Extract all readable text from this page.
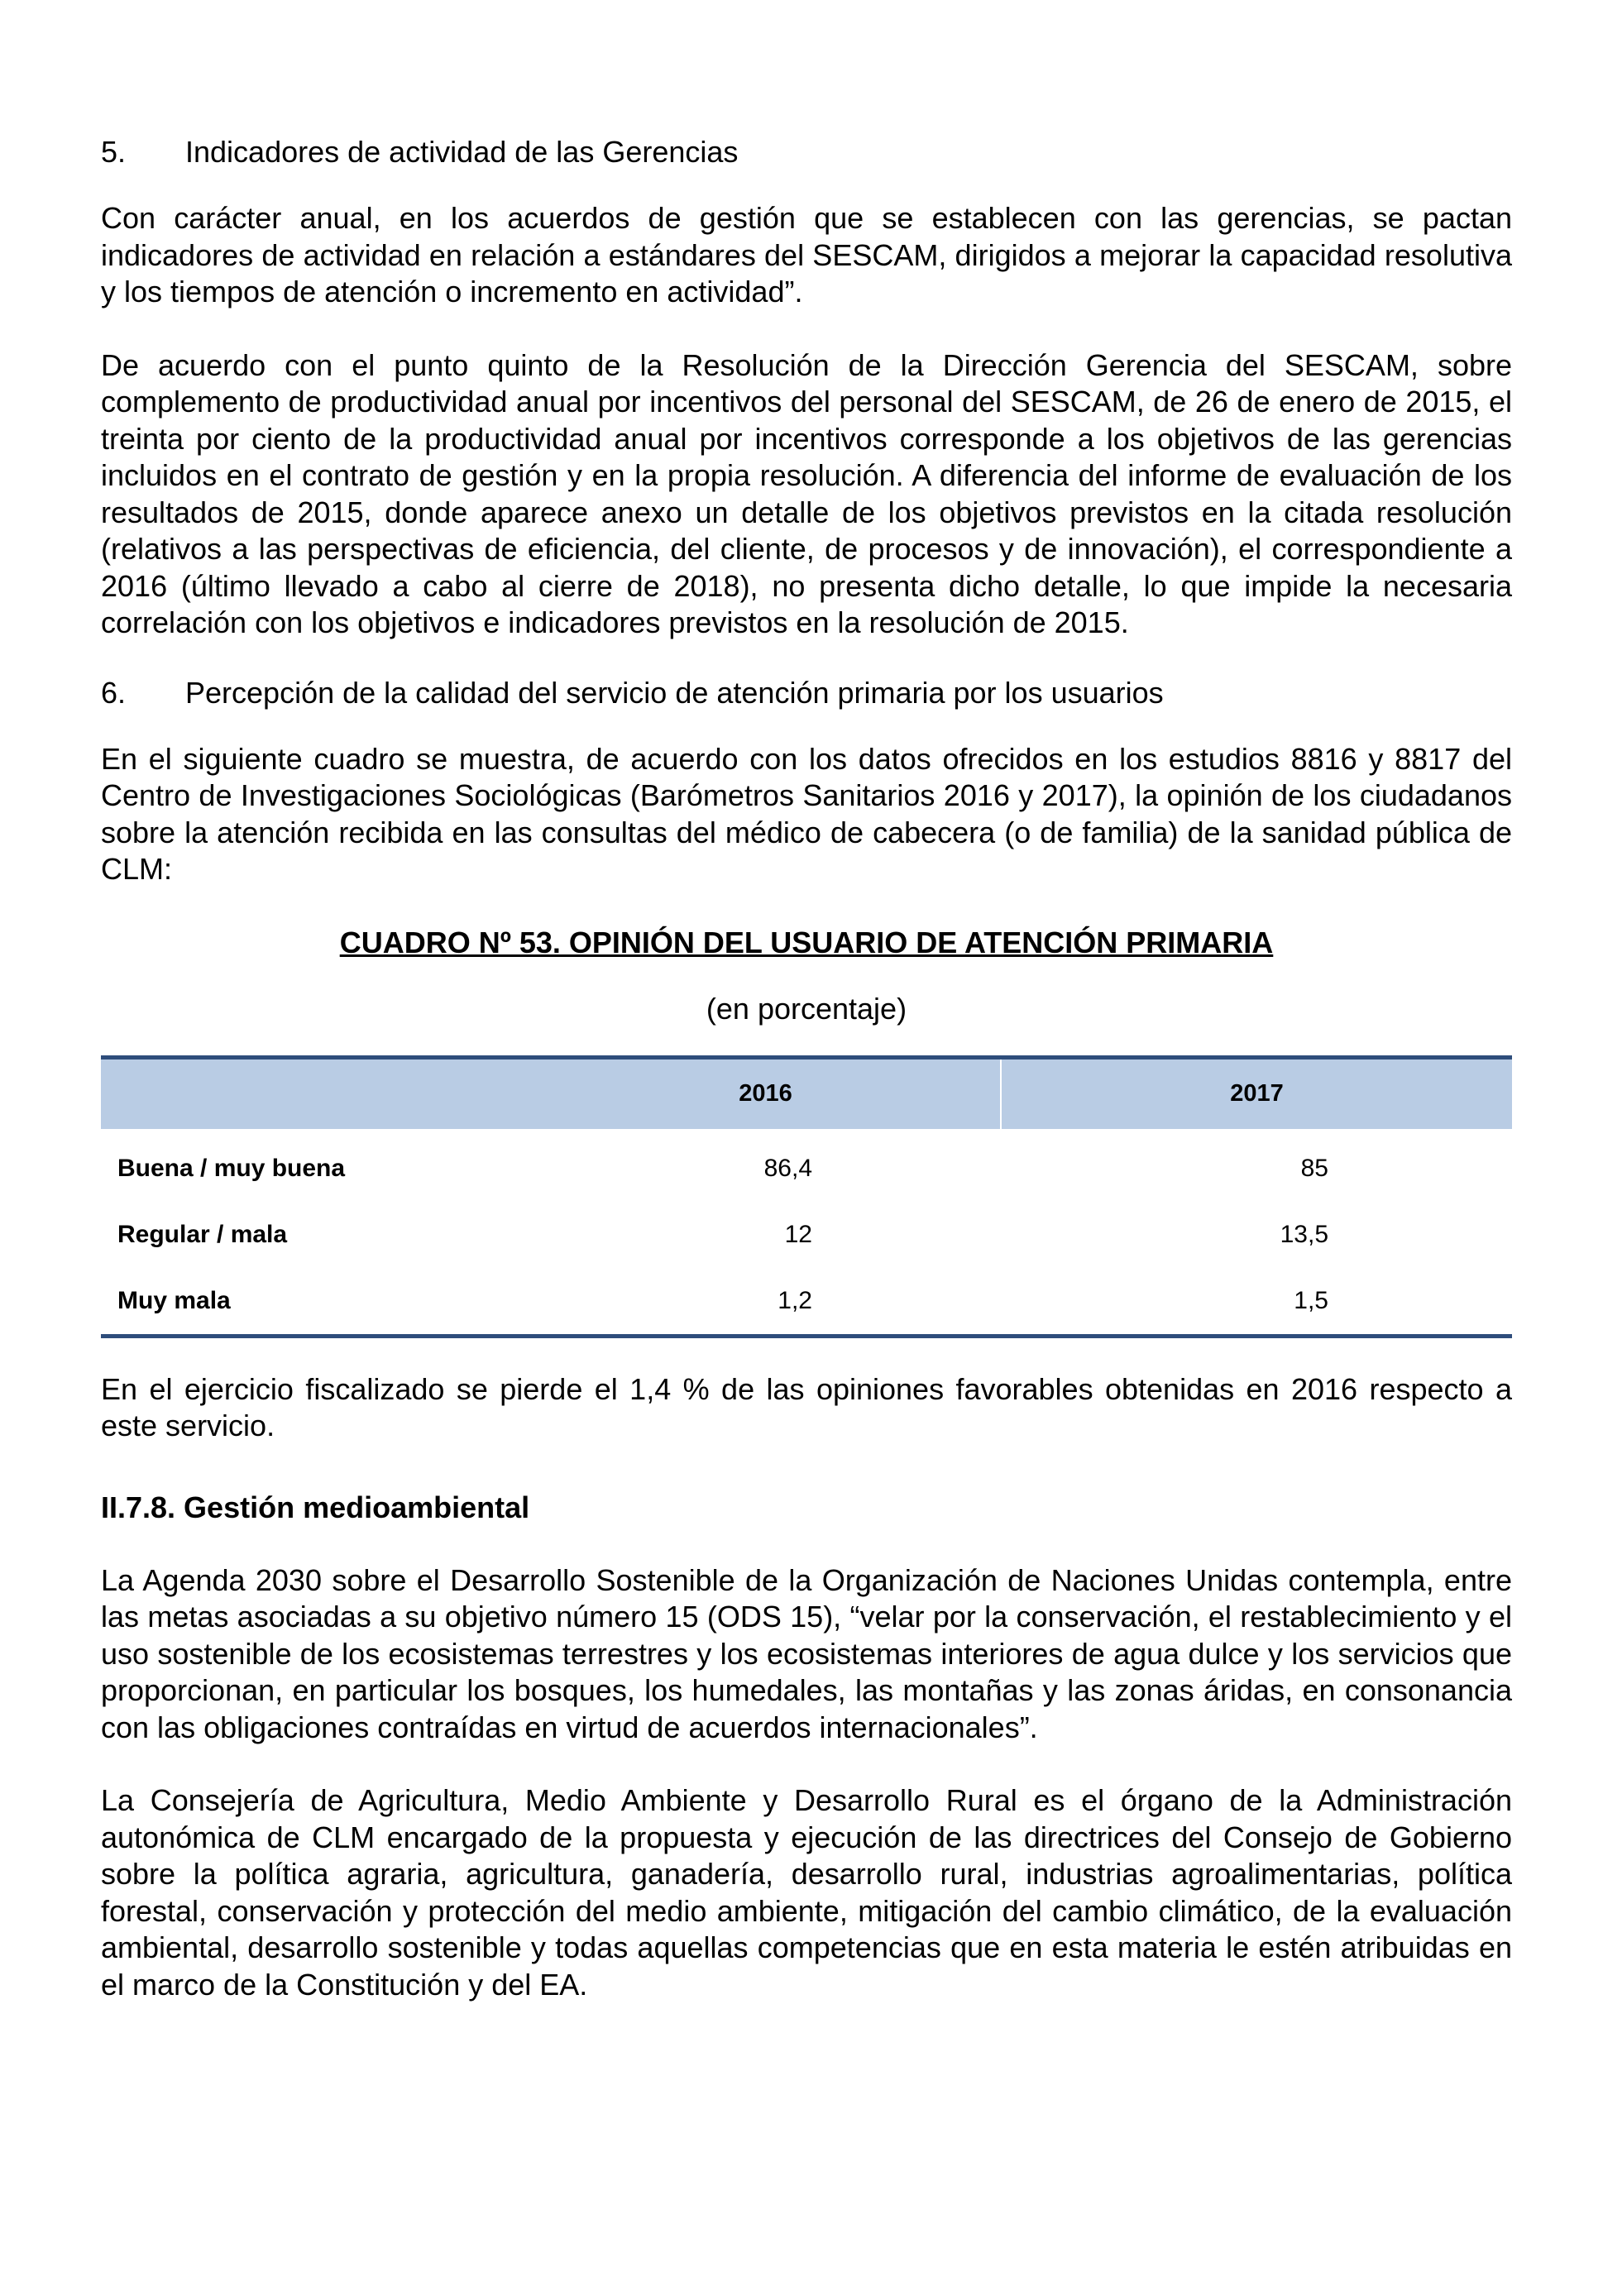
5.	Indicadores de actividad de las Gerencias

Con carácter anual, en los acuerdos de gestión que se establecen con las gerencias, se pactan indicadores de actividad en relación a estándares del SESCAM, dirigidos a mejorar la capacidad resolutiva y los tiempos de atención o incremento en actividad”.

De acuerdo con el punto quinto de la Resolución de la Dirección Gerencia del SESCAM, sobre complemento de productividad anual por incentivos del personal del SESCAM, de 26 de enero de 2015, el treinta por ciento de la productividad anual por incentivos corresponde a los objetivos de las gerencias incluidos en el contrato de gestión y en la propia resolución. A diferencia del informe de evaluación de los resultados de 2015, donde aparece anexo un detalle de los objetivos previstos en la citada resolución (relativos a las perspectivas de eficiencia, del cliente, de procesos y de innovación), el correspondiente a 2016 (último llevado a cabo al cierre de 2018), no presenta dicho detalle, lo que impide la necesaria correlación con los objetivos e indicadores previstos en la resolución de 2015.

6.	Percepción de la calidad del servicio de atención primaria por los usuarios

En el siguiente cuadro se muestra, de acuerdo con los datos ofrecidos en los estudios 8816 y 8817 del Centro de Investigaciones Sociológicas (Barómetros Sanitarios 2016 y 2017), la opinión de los ciudadanos sobre la atención recibida en las consultas del médico de cabecera (o de familia) de la sanidad pública de CLM:

CUADRO Nº 53. OPINIÓN DEL USUARIO DE ATENCIÓN PRIMARIA
(en porcentaje)
	2016	2017
Buena / muy buena	86,4	85
Regular / mala	12	13,5
Muy mala	1,2	1,5

En el ejercicio fiscalizado se pierde el 1,4 % de las opiniones favorables obtenidas en 2016 respecto a este servicio.

II.7.8. Gestión medioambiental

La Agenda 2030 sobre el Desarrollo Sostenible de la Organización de Naciones Unidas contempla, entre las metas asociadas a su objetivo número 15 (ODS 15), “velar por la conservación, el restablecimiento y el uso sostenible de los ecosistemas terrestres y los ecosistemas interiores de agua dulce y los servicios que proporcionan, en particular los bosques, los humedales, las montañas y las zonas áridas, en consonancia con las obligaciones contraídas en virtud de acuerdos internacionales”.

La Consejería de Agricultura, Medio Ambiente y Desarrollo Rural es el órgano de la Administración autonómica de CLM encargado de la propuesta y ejecución de las directrices del Consejo de Gobierno sobre la política agraria, agricultura, ganadería, desarrollo rural, industrias agroalimentarias, política forestal, conservación y protección del medio ambiente, mitigación del cambio climático, de la evaluación ambiental, desarrollo sostenible y todas aquellas competencias que en esta materia le estén atribuidas en el marco de la Constitución y del EA.
